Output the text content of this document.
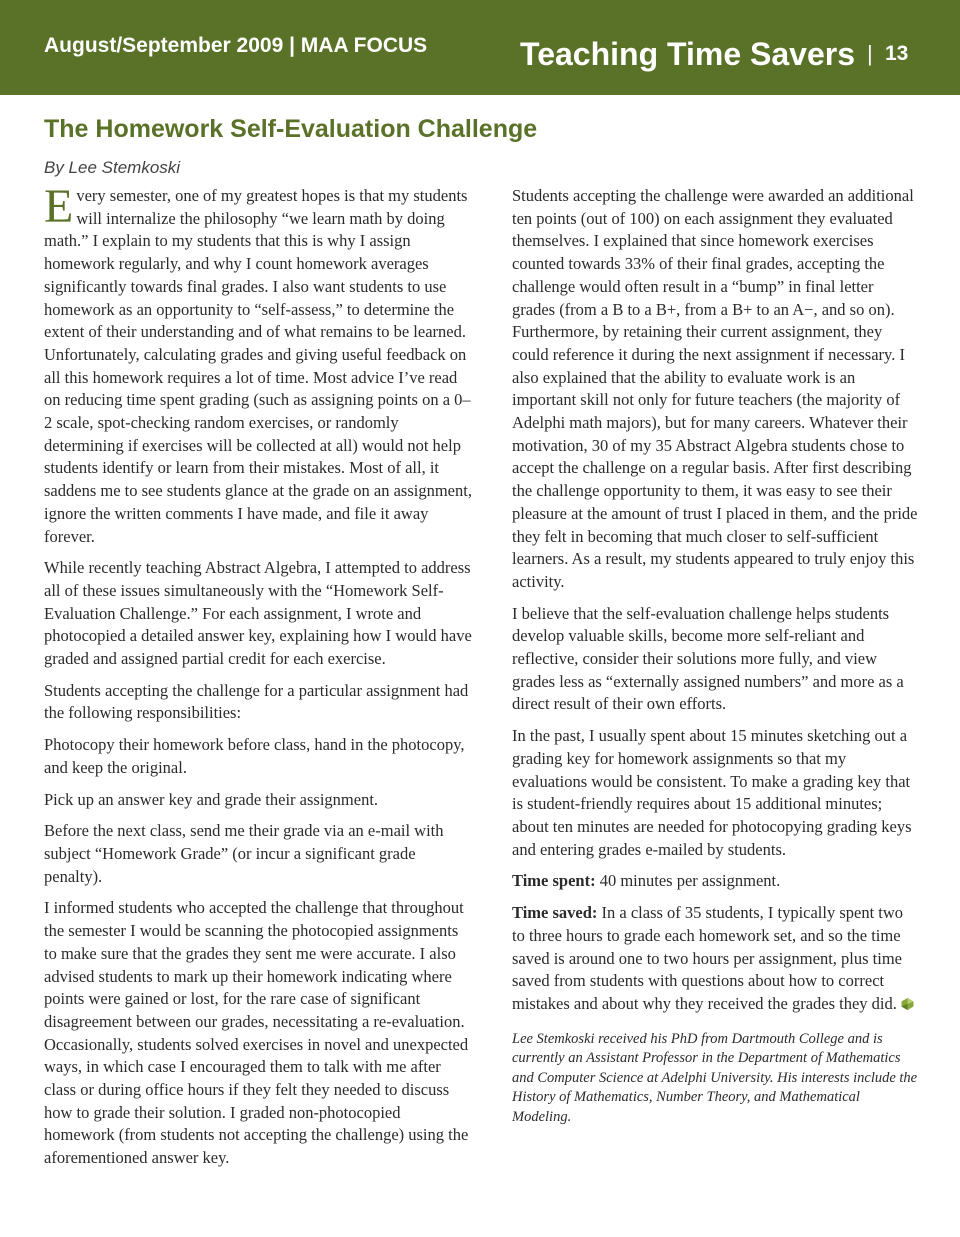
August/September 2009 | MAA FOCUS	Teaching Time Savers | 13
The Homework Self-Evaluation Challenge
By Lee Stemkoski

Every semester, one of my greatest hopes is that my students will internalize the philosophy “we learn math by doing math.” I explain to my students that this is why I assign homework regularly, and why I count homework averages significantly towards final grades. I also want students to use homework as an opportunity to “self-assess,” to determine the extent of their understanding and of what remains to be learned. Unfortunately, calculating grades and giving useful feedback on all this homework requires a lot of time. Most advice I’ve read on reducing time spent grading (such as assigning points on a 0–2 scale, spot-checking random exercises, or randomly determining if exercises will be collected at all) would not help students identify or learn from their mistakes. Most of all, it saddens me to see students glance at the grade on an assignment, ignore the written comments I have made, and file it away forever.

While recently teaching Abstract Algebra, I attempted to address all of these issues simultaneously with the “Homework Self-Evaluation Challenge.” For each assignment, I wrote and photocopied a detailed answer key, explaining how I would have graded and assigned partial credit for each exercise.

Students accepting the challenge for a particular assignment had the following responsibilities:

Photocopy their homework before class, hand in the photocopy, and keep the original.

Pick up an answer key and grade their assignment.

Before the next class, send me their grade via an e-mail with subject “Homework Grade” (or incur a significant grade penalty).

I informed students who accepted the challenge that throughout the semester I would be scanning the photocopied assignments to make sure that the grades they sent me were accurate. I also advised students to mark up their homework indicating where points were gained or lost, for the rare case of significant disagreement between our grades, necessitating a re-evaluation. Occasionally, students solved exercises in novel and unexpected ways, in which case I encouraged them to talk with me after class or during office hours if they felt they needed to discuss how to grade their solution. I graded non-photocopied homework (from students not accepting the challenge) using the aforementioned answer key.

Students accepting the challenge were awarded an additional ten points (out of 100) on each assignment they evaluated themselves. I explained that since homework exercises counted towards 33% of their final grades, accepting the challenge would often result in a “bump” in final letter grades (from a B to a B+, from a B+ to an A−, and so on). Furthermore, by retaining their current assignment, they could reference it during the next assignment if necessary. I also explained that the ability to evaluate work is an important skill not only for future teachers (the majority of Adelphi math majors), but for many careers. Whatever their motivation, 30 of my 35 Abstract Algebra students chose to accept the challenge on a regular basis. After first describing the challenge opportunity to them, it was easy to see their pleasure at the amount of trust I placed in them, and the pride they felt in becoming that much closer to self-sufficient learners. As a result, my students appeared to truly enjoy this activity.

I believe that the self-evaluation challenge helps students develop valuable skills, become more self-reliant and reflective, consider their solutions more fully, and view grades less as “externally assigned numbers” and more as a direct result of their own efforts.

In the past, I usually spent about 15 minutes sketching out a grading key for homework assignments so that my evaluations would be consistent. To make a grading key that is student-friendly requires about 15 additional minutes; about ten minutes are needed for photocopying grading keys and entering grades e-mailed by students.

Time spent: 40 minutes per assignment.

Time saved: In a class of 35 students, I typically spent two to three hours to grade each homework set, and so the time saved is around one to two hours per assignment, plus time saved from students with questions about how to correct mistakes and about why they received the grades they did.

Lee Stemkoski received his PhD from Dartmouth College and is currently an Assistant Professor in the Department of Mathematics and Computer Science at Adelphi University. His interests include the History of Mathematics, Number Theory, and Mathematical Modeling.
